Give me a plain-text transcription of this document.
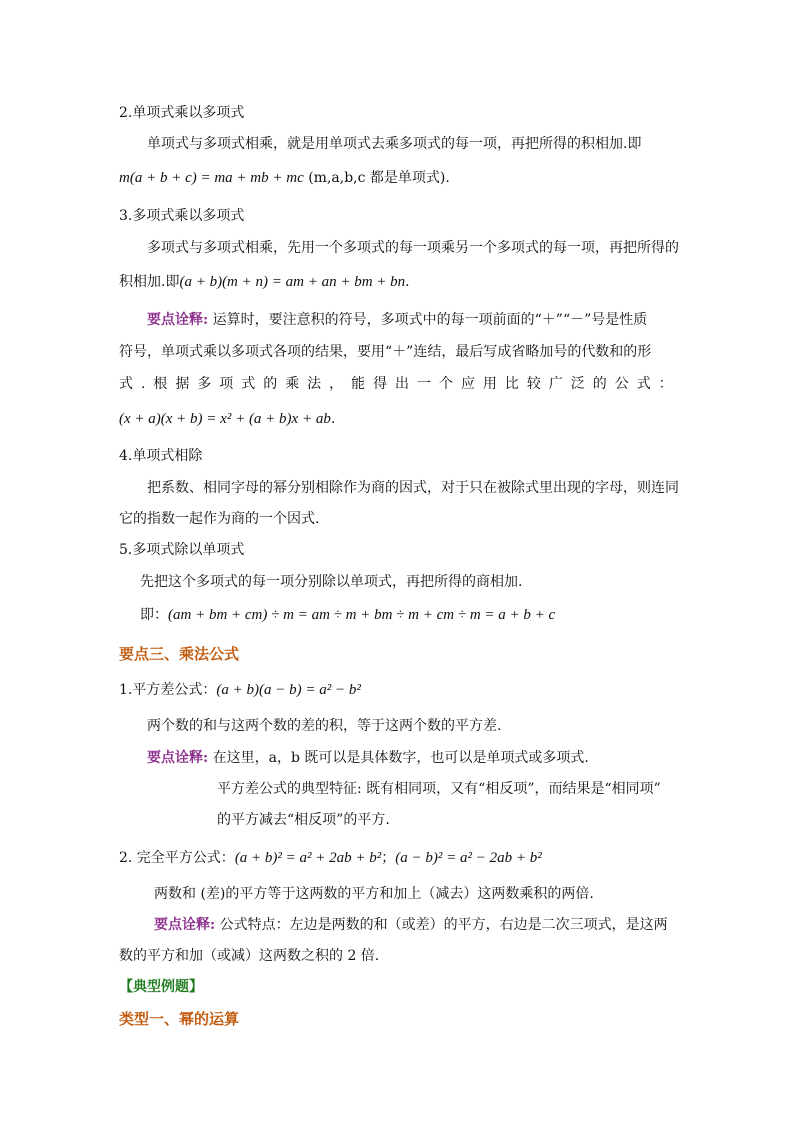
2.单项式乘以多项式
单项式与多项式相乘，就是用单项式去乘多项式的每一项，再把所得的积相加.即
m(a + b + c) = ma + mb + mc (m,a,b,c 都是单项式).
3.多项式乘以多项式
多项式与多项式相乘，先用一个多项式的每一项乘另一个多项式的每一项，再把所得的
积相加.即(a + b)(m + n) = am + an + bm + bn.
要点诠释: 运算时，要注意积的符号，多项式中的每一项前面的“＋”“－”号是性质
符号，单项式乘以多项式各项的结果，要用“＋”连结，最后写成省略加号的代数和的形
式 . 根 据 多 项 式 的 乘 法 ， 能 得 出 一 个 应 用 比 较 广 泛 的 公 式 ：
(x + a)(x + b) = x² + (a + b)x + ab.
4.单项式相除
把系数、相同字母的幂分别相除作为商的因式，对于只在被除式里出现的字母，则连同
它的指数一起作为商的一个因式.
5.多项式除以单项式
先把这个多项式的每一项分别除以单项式，再把所得的商相加.
即：(am + bm + cm) ÷ m = am ÷ m + bm ÷ m + cm ÷ m = a + b + c
要点三、乘法公式
1.平方差公式：(a + b)(a − b) = a² − b²
两个数的和与这两个数的差的积，等于这两个数的平方差.
要点诠释: 在这里，a，b 既可以是具体数字，也可以是单项式或多项式.
平方差公式的典型特征: 既有相同项，又有“相反项”，而结果是“相同项”
的平方减去“相反项”的平方.
2. 完全平方公式：(a + b)² = a² + 2ab + b²；(a − b)² = a² − 2ab + b²
两数和 (差)的平方等于这两数的平方和加上（减去）这两数乘积的两倍.
要点诠释: 公式特点：左边是两数的和（或差）的平方，右边是二次三项式，是这两
数的平方和加（或减）这两数之积的 2 倍.
【典型例题】
类型一、幂的运算
